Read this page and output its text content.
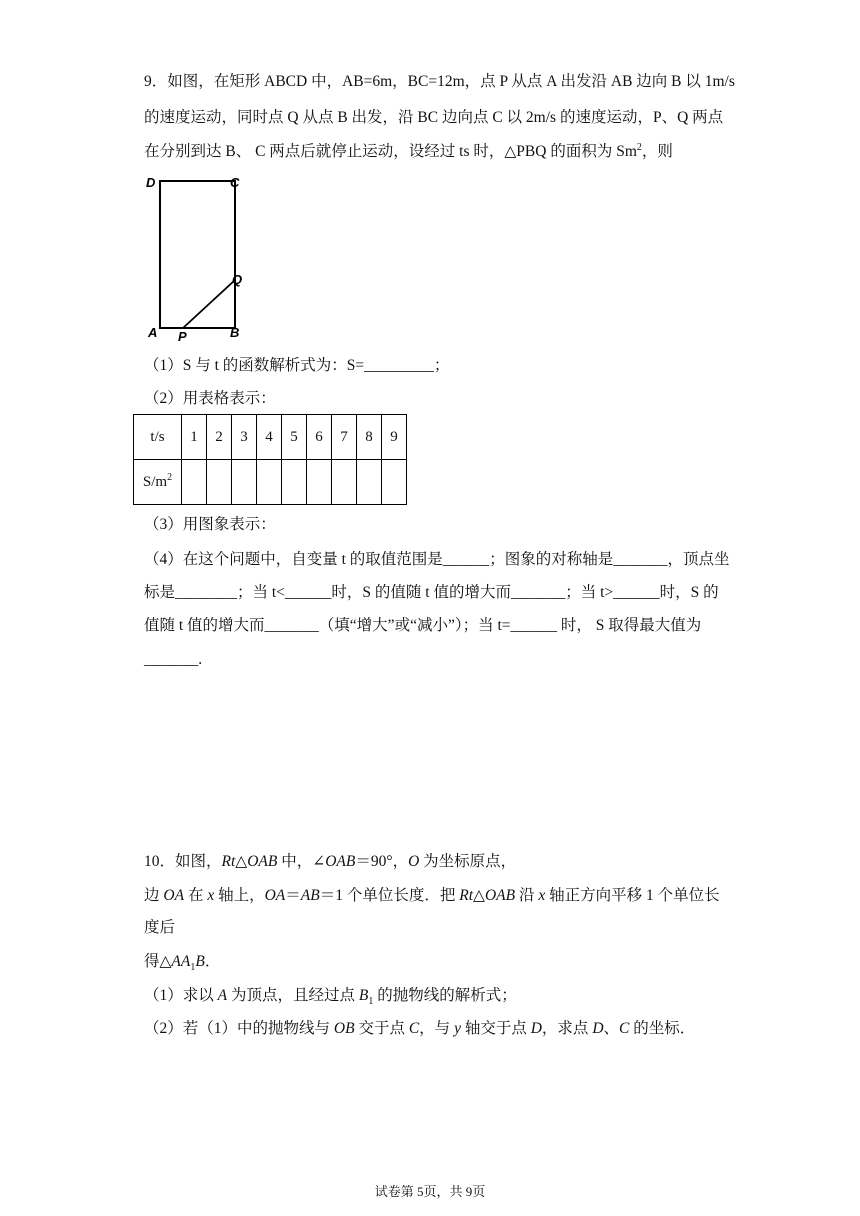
9．如图，在矩形 ABCD 中，AB=6m，BC=12m，点 P 从点 A 出发沿 AB 边向 B 以 1m/s
的速度运动，同时点 Q 从点 B 出发，沿 BC 边向点 C 以 2m/s 的速度运动，P、Q 两点
在分别到达 B、 C 两点后就停止运动，设经过 ts 时，△PBQ 的面积为 Sm$^2$，则
D	C
Q
A P	B
（1）S 与 t 的函数解析式为：S=_________；
（2）用表格表示：
t/s	1	2	3	4	5	6	7	8	9
$S/m^2$									
（3）用图象表示：
（4）在这个问题中，自变量 t 的取值范围是______；图象的对称轴是_______，顶点坐
标是________；当 t<______时，S 的值随 t 值的增大而_______；当 t>______时，S 的
值随 t 值的增大而_______（填“增大”或“减小”）；当 t=______ 时， S 取得最大值为
_______.
10．如图，Rt△OAB 中，∠OAB＝90°，O 为坐标原点，
边 OA 在 x 轴上，OA＝AB＝1 个单位长度．把 Rt△OAB 沿 x 轴正方向平移 1 个单位长
度后
得$\triangle AA_1B$．
（1）求以 A 为顶点，且经过点 $B_1$ 的抛物线的解析式；
（2）若（1）中的抛物线与 OB 交于点 C，与 y 轴交于点 D，求点 D、C 的坐标．
试卷第 5页，共 9页
